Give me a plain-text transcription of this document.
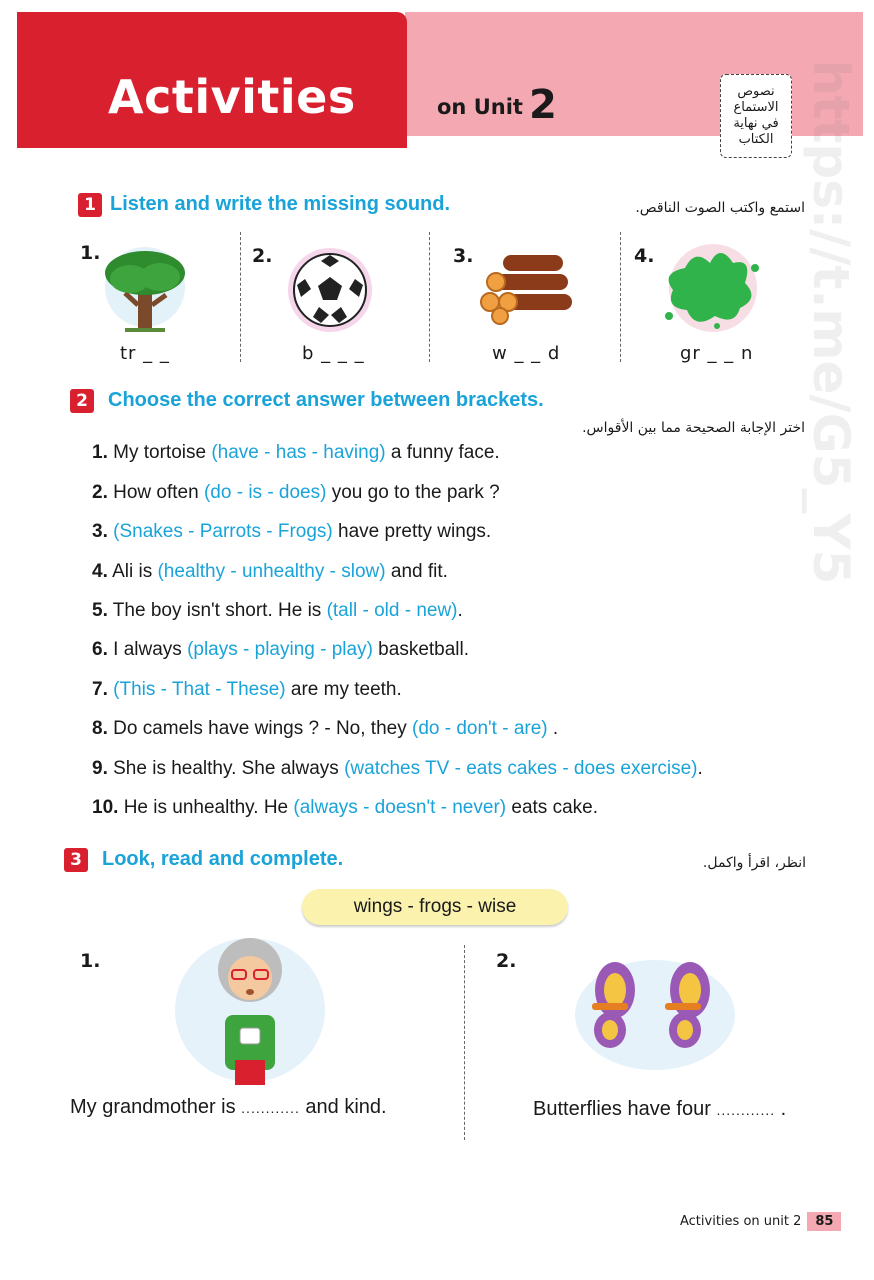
Activities	on Unit 2	نصوص الاستماع في نهاية الكتاب https://t.me/G5_Y5
1 Listen and write the missing sound.	استمع واكتب الصوت الناقص.
1.
tr _ _
2.
b _ _ _
3.
w _ _ d
4.
gr _ _ n
2	Choose the correct answer between brackets.
اختر الإجابة الصحيحة مما بين الأقواس.
1. My tortoise (have - has - having) a funny face.
2. How often (do - is - does) you go to the park ?
3. (Snakes - Parrots - Frogs) have pretty wings.
4. Ali is (healthy - unhealthy - slow) and fit.
5. The boy isn't short. He is (tall - old - new).
6. I always (plays - playing - play) basketball.
7. (This - That - These) are my teeth.
8. Do camels have wings ? - No, they (do - don't - are) .
9. She is healthy. She always (watches TV - eats cakes - does exercise).
10. He is unhealthy. He (always - doesn't - never) eats cake.
3	Look, read and complete.	انظر، اقرأ واكمل.
wings - frogs - wise
1.
My grandmother is ............ and kind.
2.
Butterflies have four ............ .
Activities on unit 2 85
